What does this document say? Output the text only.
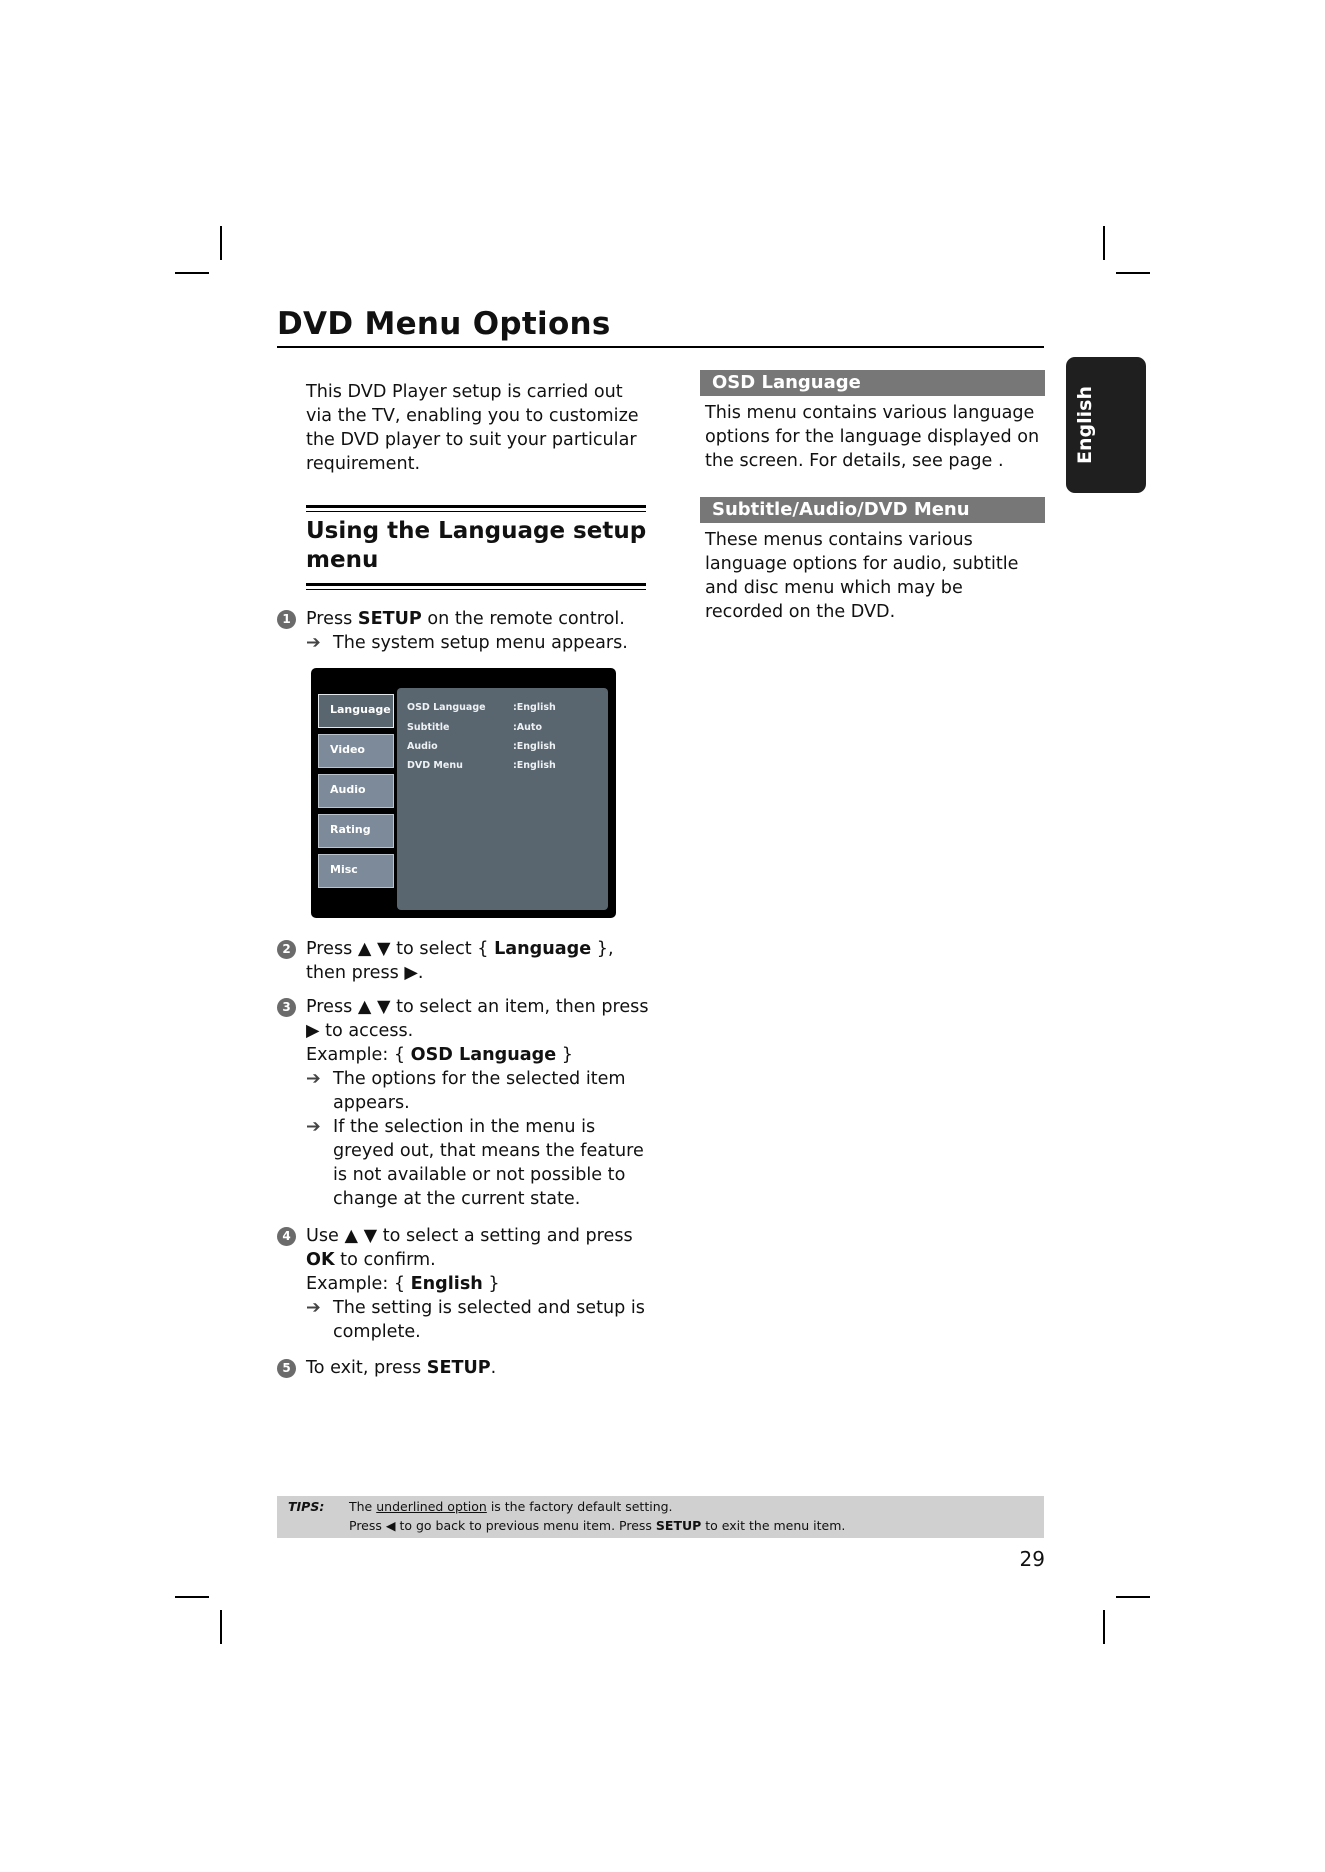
DVD Menu Options
This DVD Player setup is carried out via the TV, enabling you to customize the DVD player to suit your particular requirement.
Using the Language setup menu
1 Press SETUP on the remote control.
➔ The system setup menu appears.
Language
Video
Audio
Rating
Misc
OSD Language	:English
Subtitle	:Auto
Audio	:English
DVD Menu	:English
2 Press ▲ ▼ to select { Language }, then press ▶.
3 Press ▲ ▼ to select an item, then press ▶ to access.
Example: { OSD Language }
➔ The options for the selected item appears.
➔ If the selection in the menu is greyed out, that means the feature is not available or not possible to change at the current state.
4 Use ▲ ▼ to select a setting and press OK to confirm.
Example: { English }
➔ The setting is selected and setup is complete.
5 To exit, press SETUP.
OSD Language
This menu contains various language options for the language displayed on the screen. For details, see page .
Subtitle/Audio/DVD Menu
These menus contains various language options for audio, subtitle and disc menu which may be recorded on the DVD.
English
TIPS: The underlined option is the factory default setting.
Press ◀ to go back to previous menu item. Press SETUP to exit the menu item.
29
